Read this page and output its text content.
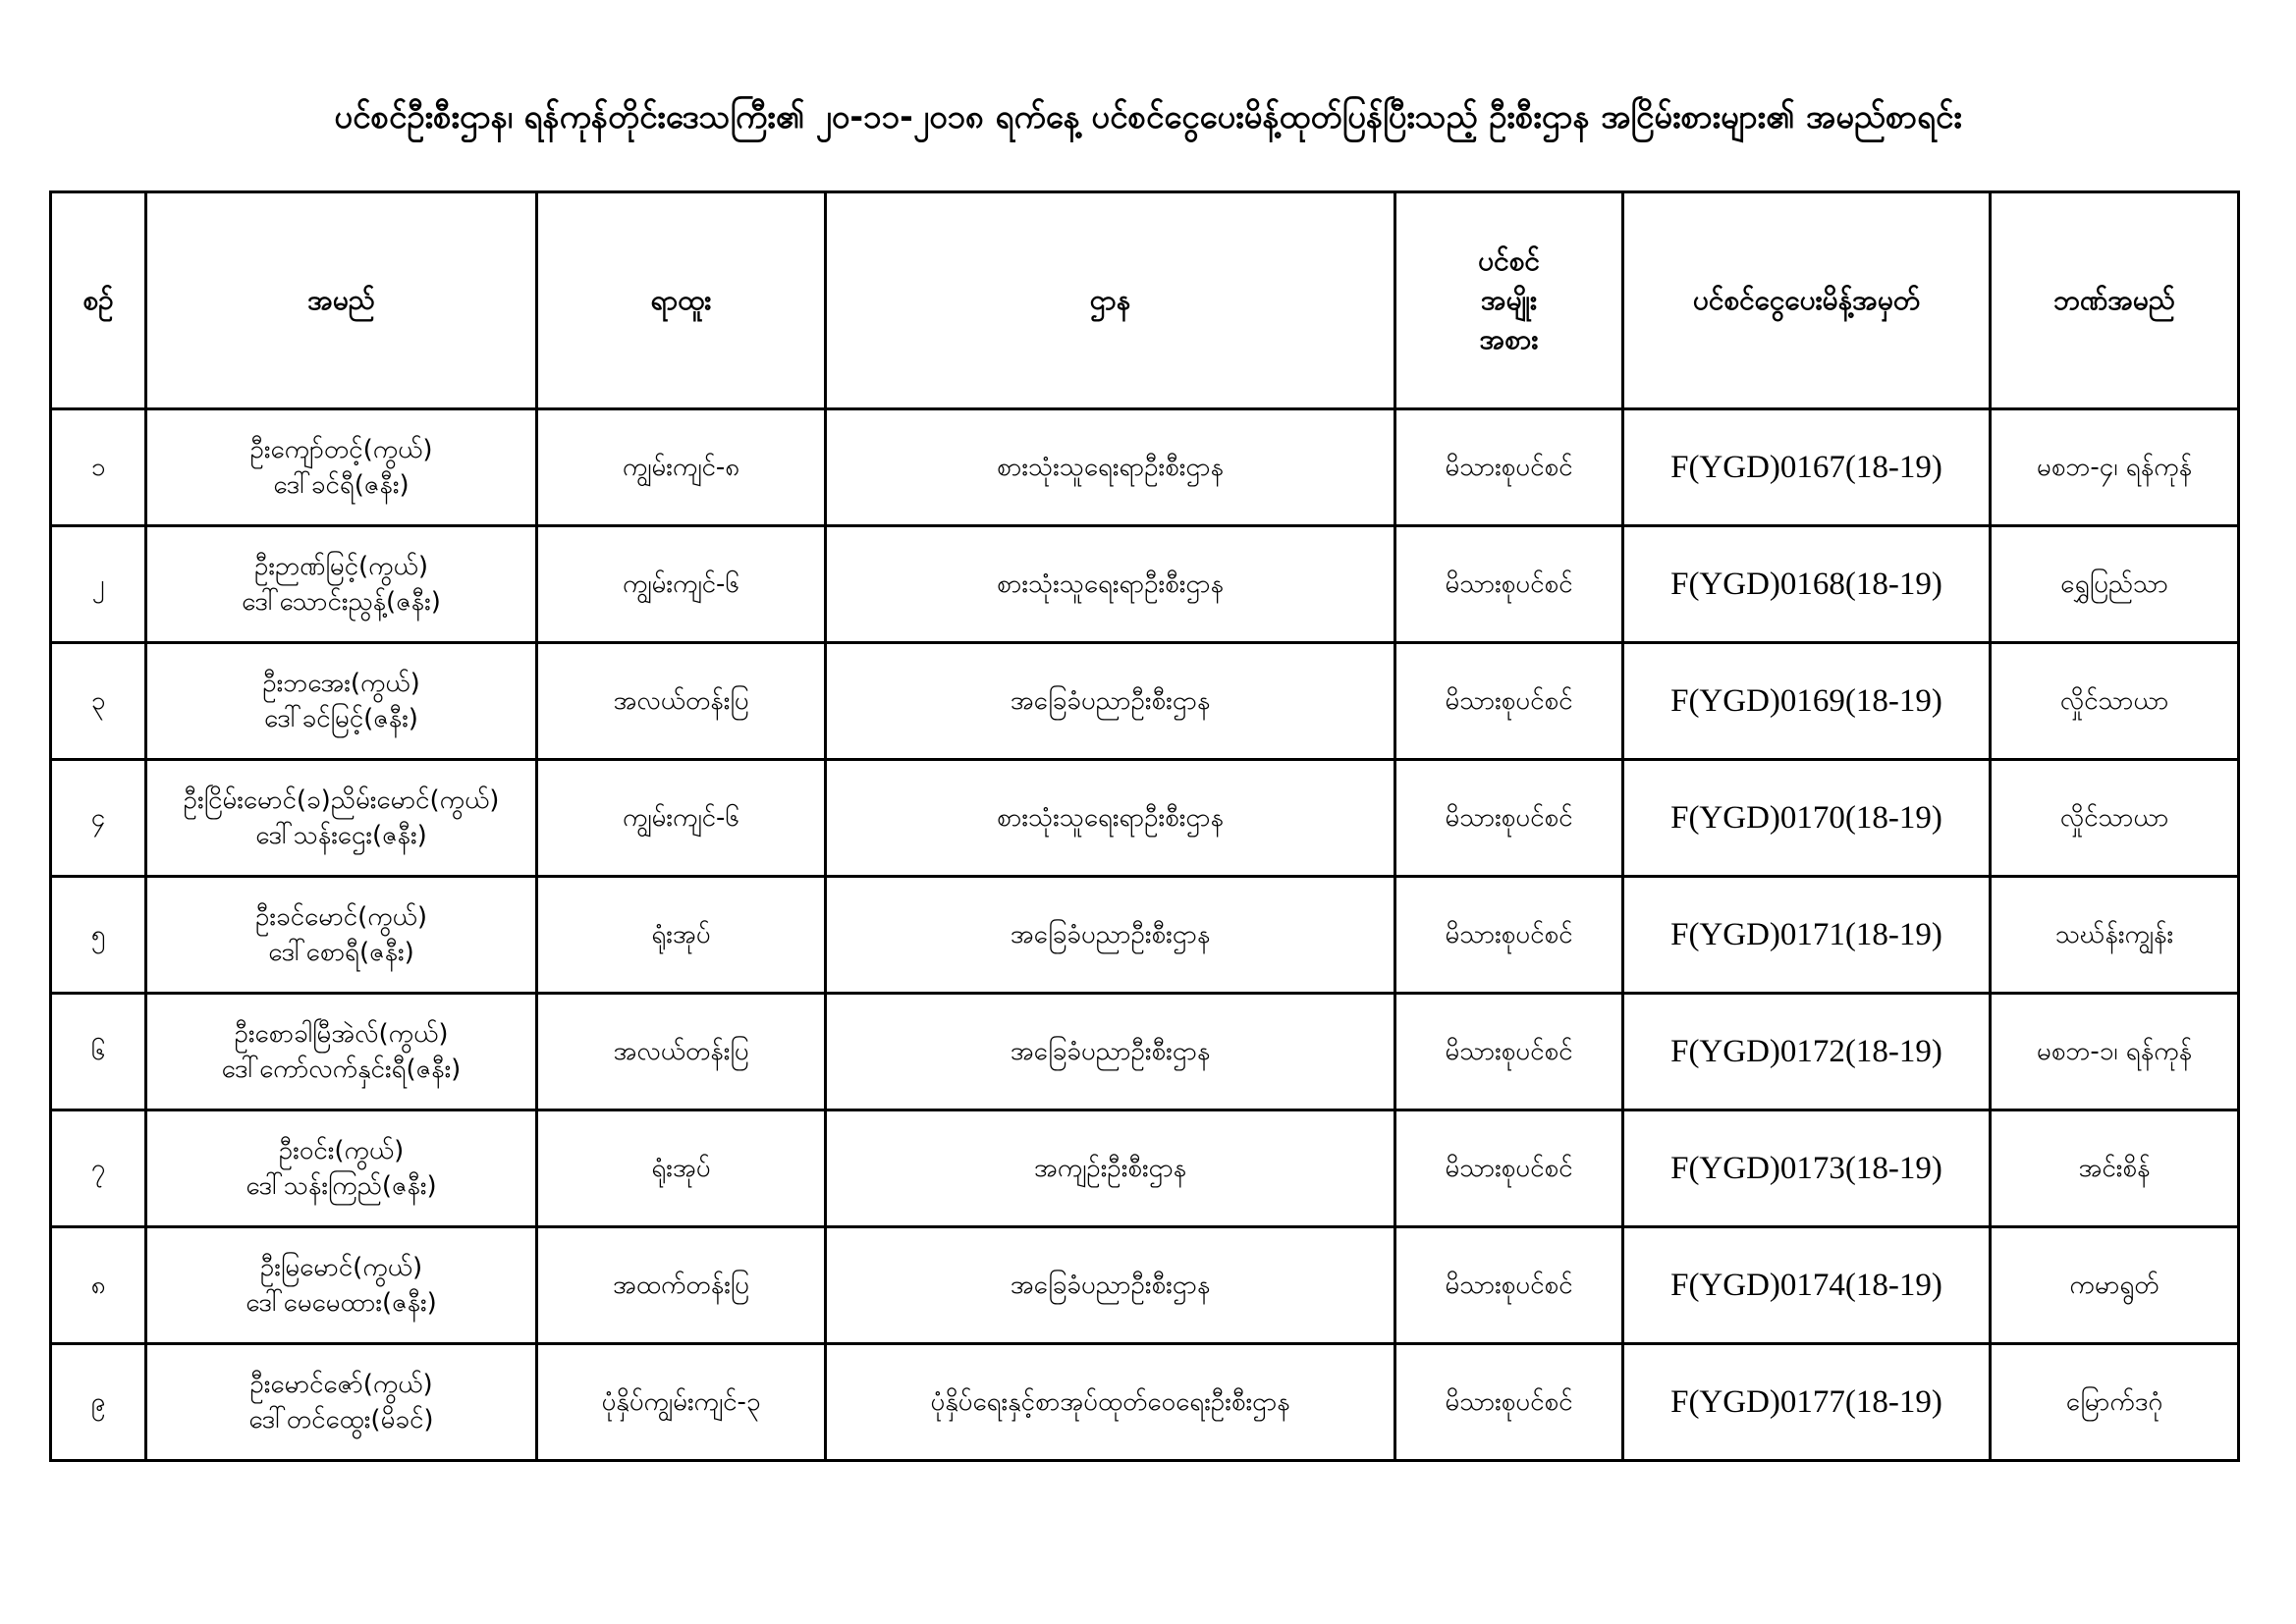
ပင်စင်ဦးစီးဌာန၊ ရန်ကုန်တိုင်းဒေသကြီး၏ ၂၀-၁၁-၂၀၁၈ ရက်နေ့ ပင်စင်ငွေပေးမိန့်ထုတ်ပြန်ပြီးသည့် ဦးစီးဌာန အငြိမ်းစားများ၏ အမည်စာရင်း
စဉ်	အမည်	ရာထူး	ဌာန	ပင်စင်
အမျိုး
အစား	ပင်စင်ငွေပေးမိန့်အမှတ်	ဘဏ်အမည်
၁	ဦးကျော်တင့်(ကွယ်)
ဒေါ်ခင်ရီ(ဇနီး)	ကျွမ်းကျင်-၈	စားသုံးသူရေးရာဦးစီးဌာန	မိသားစုပင်စင်	F(YGD)0167(18-19)	မစဘ-၄၊ ရန်ကုန်
၂	ဦးဉာဏ်မြင့်(ကွယ်)
ဒေါ်သောင်းညွန့်(ဇနီး)	ကျွမ်းကျင်-၆	စားသုံးသူရေးရာဦးစီးဌာန	မိသားစုပင်စင်	F(YGD)0168(18-19)	ရွှေပြည်သာ
၃	ဦးဘအေး(ကွယ်)
ဒေါ်ခင်မြင့်(ဇနီး)	အလယ်တန်းပြ	အခြေခံပညာဦးစီးဌာန	မိသားစုပင်စင်	F(YGD)0169(18-19)	လှိုင်သာယာ
၄	ဦးငြိမ်းမောင်(ခ)ညိမ်းမောင်(ကွယ်)
ဒေါ်သန်းဌေး(ဇနီး)	ကျွမ်းကျင်-၆	စားသုံးသူရေးရာဦးစီးဌာန	မိသားစုပင်စင်	F(YGD)0170(18-19)	လှိုင်သာယာ
၅	ဦးခင်မောင်(ကွယ်)
ဒေါ်စောရီ(ဇနီး)	ရုံးအုပ်	အခြေခံပညာဦးစီးဌာန	မိသားစုပင်စင်	F(YGD)0171(18-19)	သဃ်န်းကျွန်း
၆	ဦးစောခါမြီအဲလ်(ကွယ်)
ဒေါ်ကော်လက်နှင်းရီ(ဇနီး)	အလယ်တန်းပြ	အခြေခံပညာဦးစီးဌာန	မိသားစုပင်စင်	F(YGD)0172(18-19)	မစဘ-၁၊ ရန်ကုန်
၇	ဦးဝင်း(ကွယ်)
ဒေါ်သန်းကြည်(ဇနီး)	ရုံးအုပ်	အကျဉ်းဦးစီးဌာန	မိသားစုပင်စင်	F(YGD)0173(18-19)	အင်းစိန်
၈	ဦးမြမောင်(ကွယ်)
ဒေါ်မေမေထား(ဇနီး)	အထက်တန်းပြ	အခြေခံပညာဦးစီးဌာန	မိသားစုပင်စင်	F(YGD)0174(18-19)	ကမာရွတ်
၉	ဦးမောင်ဇော်(ကွယ်)
ဒေါ်တင်ထွေး(မိခင်)	ပုံနှိပ်ကျွမ်းကျင်-၃	ပုံနှိပ်ရေးနှင့်စာအုပ်ထုတ်ဝေရေးဦးစီးဌာန	မိသားစုပင်စင်	F(YGD)0177(18-19)	မြောက်ဒဂုံ
